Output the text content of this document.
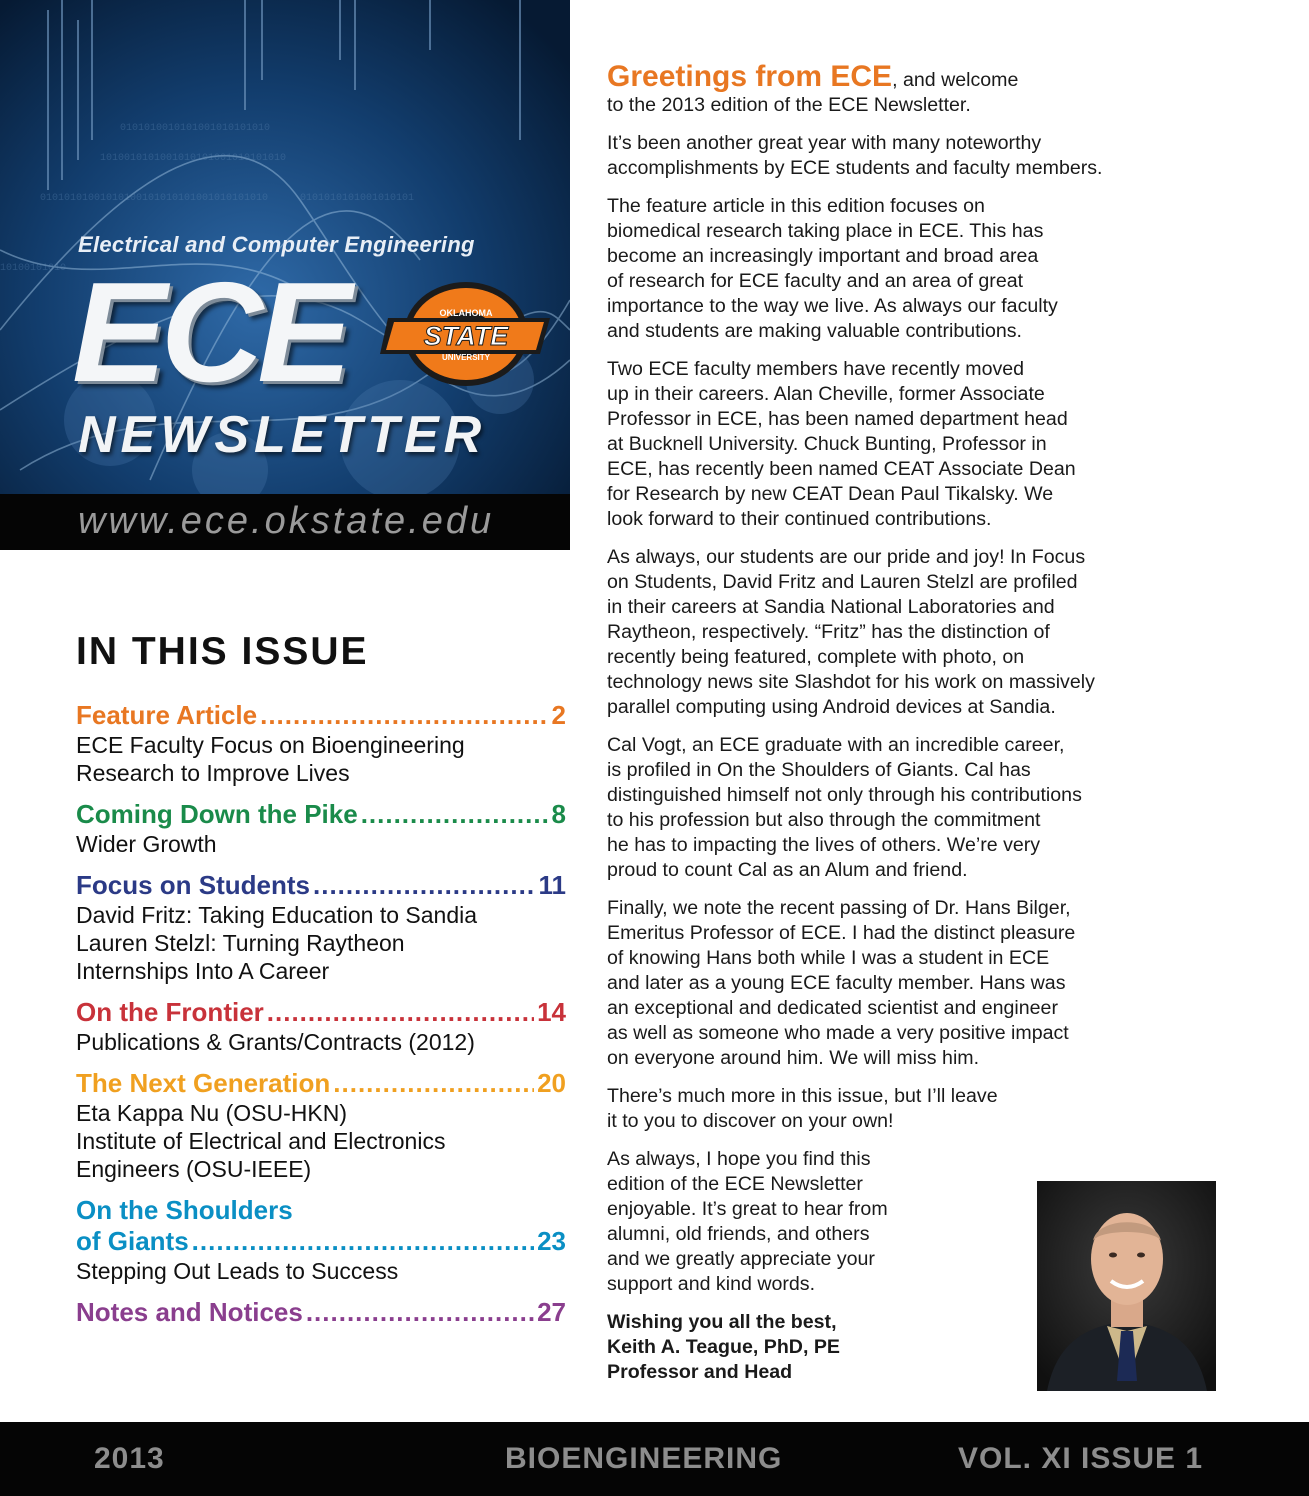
0101010010101001010101010
1010010101001010101001010101010
01010101001010100101010101001010101010	0101010101001010101
10100101010
Electrical and Computer Engineering
ECE	OKLAHOMA
STATE
UNIVERSITY
NEWSLETTER
www.ece.okstate.edu
IN THIS ISSUE
Feature Article .....	2
ECE Faculty Focus on Bioengineering
Research to Improve Lives
Coming Down the Pike .....	8
Wider Growth
Focus on Students .....	11
David Fritz: Taking Education to Sandia
Lauren Stelzl: Turning Raytheon
Internships Into A Career
On the Frontier .....	14
Publications & Grants/Contracts (2012)
The Next Generation .....	20
Eta Kappa Nu (OSU-HKN)
Institute of Electrical and Electronics
Engineers (OSU-IEEE)
On the Shoulders
of Giants .....	23
Stepping Out Leads to Success
Notes and Notices .....	27

Greetings from ECE, and welcome
to the 2013 edition of the ECE Newsletter.

It’s been another great year with many noteworthy
accomplishments by ECE students and faculty members.

The feature article in this edition focuses on
biomedical research taking place in ECE. This has
become an increasingly important and broad area
of research for ECE faculty and an area of great
importance to the way we live. As always our faculty
and students are making valuable contributions.

Two ECE faculty members have recently moved
up in their careers. Alan Cheville, former Associate
Professor in ECE, has been named department head
at Bucknell University. Chuck Bunting, Professor in
ECE, has recently been named CEAT Associate Dean
for Research by new CEAT Dean Paul Tikalsky. We
look forward to their continued contributions.

As always, our students are our pride and joy! In Focus
on Students, David Fritz and Lauren Stelzl are profiled
in their careers at Sandia National Laboratories and
Raytheon, respectively. “Fritz” has the distinction of
recently being featured, complete with photo, on
technology news site Slashdot for his work on massively
parallel computing using Android devices at Sandia.

Cal Vogt, an ECE graduate with an incredible career,
is profiled in On the Shoulders of Giants. Cal has
distinguished himself not only through his contributions
to his profession but also through the commitment
he has to impacting the lives of others. We’re very
proud to count Cal as an Alum and friend.

Finally, we note the recent passing of Dr. Hans Bilger,
Emeritus Professor of ECE. I had the distinct pleasure
of knowing Hans both while I was a student in ECE
and later as a young ECE faculty member. Hans was
an exceptional and dedicated scientist and engineer
as well as someone who made a very positive impact
on everyone around him. We will miss him.

There’s much more in this issue, but I’ll leave
it to you to discover on your own!

As always, I hope you find this
edition of the ECE Newsletter
enjoyable. It’s great to hear from
alumni, old friends, and others
and we greatly appreciate your
support and kind words.

Wishing you all the best,
Keith A. Teague, PhD, PE
Professor and Head

2013	BIOENGINEERING	VOL. XI ISSUE 1
